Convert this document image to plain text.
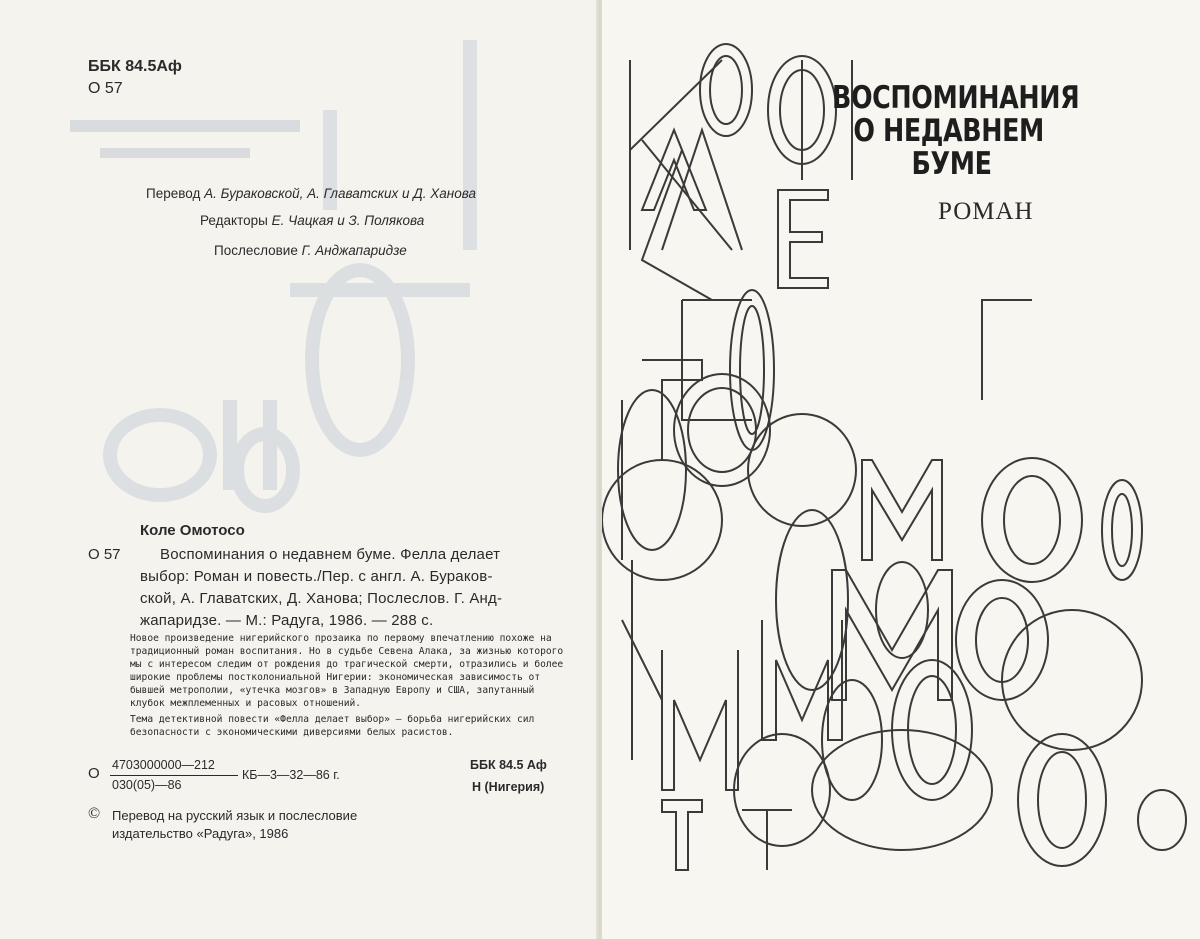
ББК 84.5Аф
О 57
Перевод А. Бураковской, А. Главатских и Д. Ханова
Редакторы Е. Чацкая и З. Полякова
Послесловие Г. Анджапаридзе
Коле Омотосо
О 57	Воспоминания о недавнем буме. Фелла делает
выбор: Роман и повесть./Пер. с англ. А. Бураков-
ской, А. Главатских, Д. Ханова; Послеслов. Г. Анд-
жапаридзе. — М.: Радуга, 1986. — 288 с.
Новое произведение нигерийского прозаика по первому впечатлению похоже на традиционный роман воспитания. Но в судьбе Севена Алака, за жизнью которого мы с интересом следим от рождения до трагической смерти, отразились и более широкие проблемы постколониальной Нигерии: экономическая зависимость от бывшей метрополии, «утечка мозгов» в Западную Европу и США, запутанный клубок межплеменных и расовых отношений.
Тема детективной повести «Фелла делает выбор» — борьба нигерийских сил безопасности с экономическими диверсиями белых расистов.
О 4703000000—212
030(05)—86
КБ—3—32—86 г.
ББК 84.5 Аф
Н (Нигерия)
© Перевод на русский язык и послесловие
издательство «Радуга», 1986
ВОСПОМИНАНИЯ
О НЕДАВНЕМ
БУМЕ
РОМАН
